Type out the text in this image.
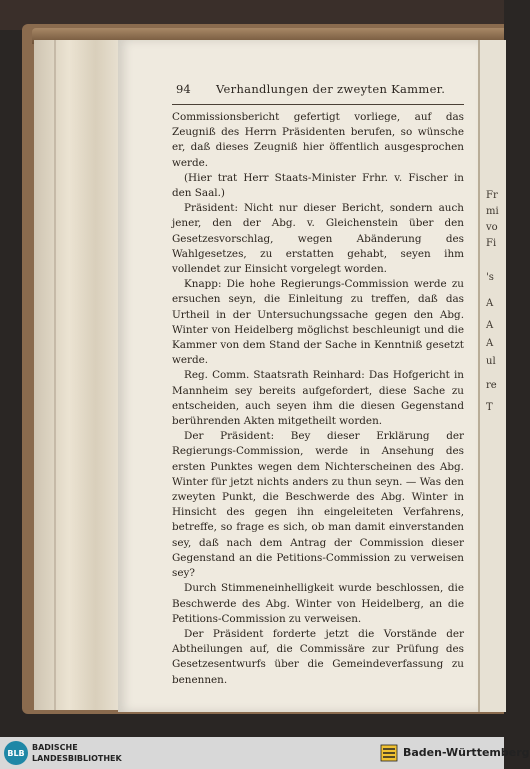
Fr
mi
vo
Fi
's
A
A
A
ul
re
T
94 Verhandlungen der zweyten Kammer.

Commissionsbericht gefertigt vorliege, auf das Zeugniß des Herrn Präsidenten berufen, so wünsche er, daß dieses Zeugniß hier öffentlich ausgesprochen werde.

(Hier trat Herr Staats-Minister Frhr. v. Fischer in den Saal.)

Präsident: Nicht nur dieser Bericht, sondern auch jener, den der Abg. v. Gleichenstein über den Gesetzesvorschlag, wegen Abänderung des Wahlgesetzes, zu erstatten gehabt, seyen ihm vollendet zur Einsicht vorgelegt worden.

Knapp: Die hohe Regierungs-Commission werde zu ersuchen seyn, die Einleitung zu treffen, daß das Urtheil in der Untersuchungssache gegen den Abg. Winter von Heidelberg möglichst beschleunigt und die Kammer von dem Stand der Sache in Kenntniß gesetzt werde.

Reg. Comm. Staatsrath Reinhard: Das Hofgericht in Mannheim sey bereits aufgefordert, diese Sache zu entscheiden, auch seyen ihm die diesen Gegenstand berührenden Akten mitgetheilt worden.

Der Präsident: Bey dieser Erklärung der Regierungs-Commission, werde in Ansehung des ersten Punktes wegen dem Nichterscheinen des Abg. Winter für jetzt nichts anders zu thun seyn. — Was den zweyten Punkt, die Beschwerde des Abg. Winter in Hinsicht des gegen ihn eingeleiteten Verfahrens, betreffe, so frage es sich, ob man damit einverstanden sey, daß nach dem Antrag der Commission dieser Gegenstand an die Petitions-Commission zu verweisen sey?

Durch Stimmeneinhelligkeit wurde beschlossen, die Beschwerde des Abg. Winter von Heidelberg, an die Petitions-Commission zu verweisen.

Der Präsident forderte jetzt die Vorstände der Abtheilungen auf, die Commissäre zur Prüfung des Gesetzesentwurfs über die Gemeindeverfassung zu benennen.

BLB
BADISCHE
LANDESBIBLIOTHEK	Baden-Württemberg
